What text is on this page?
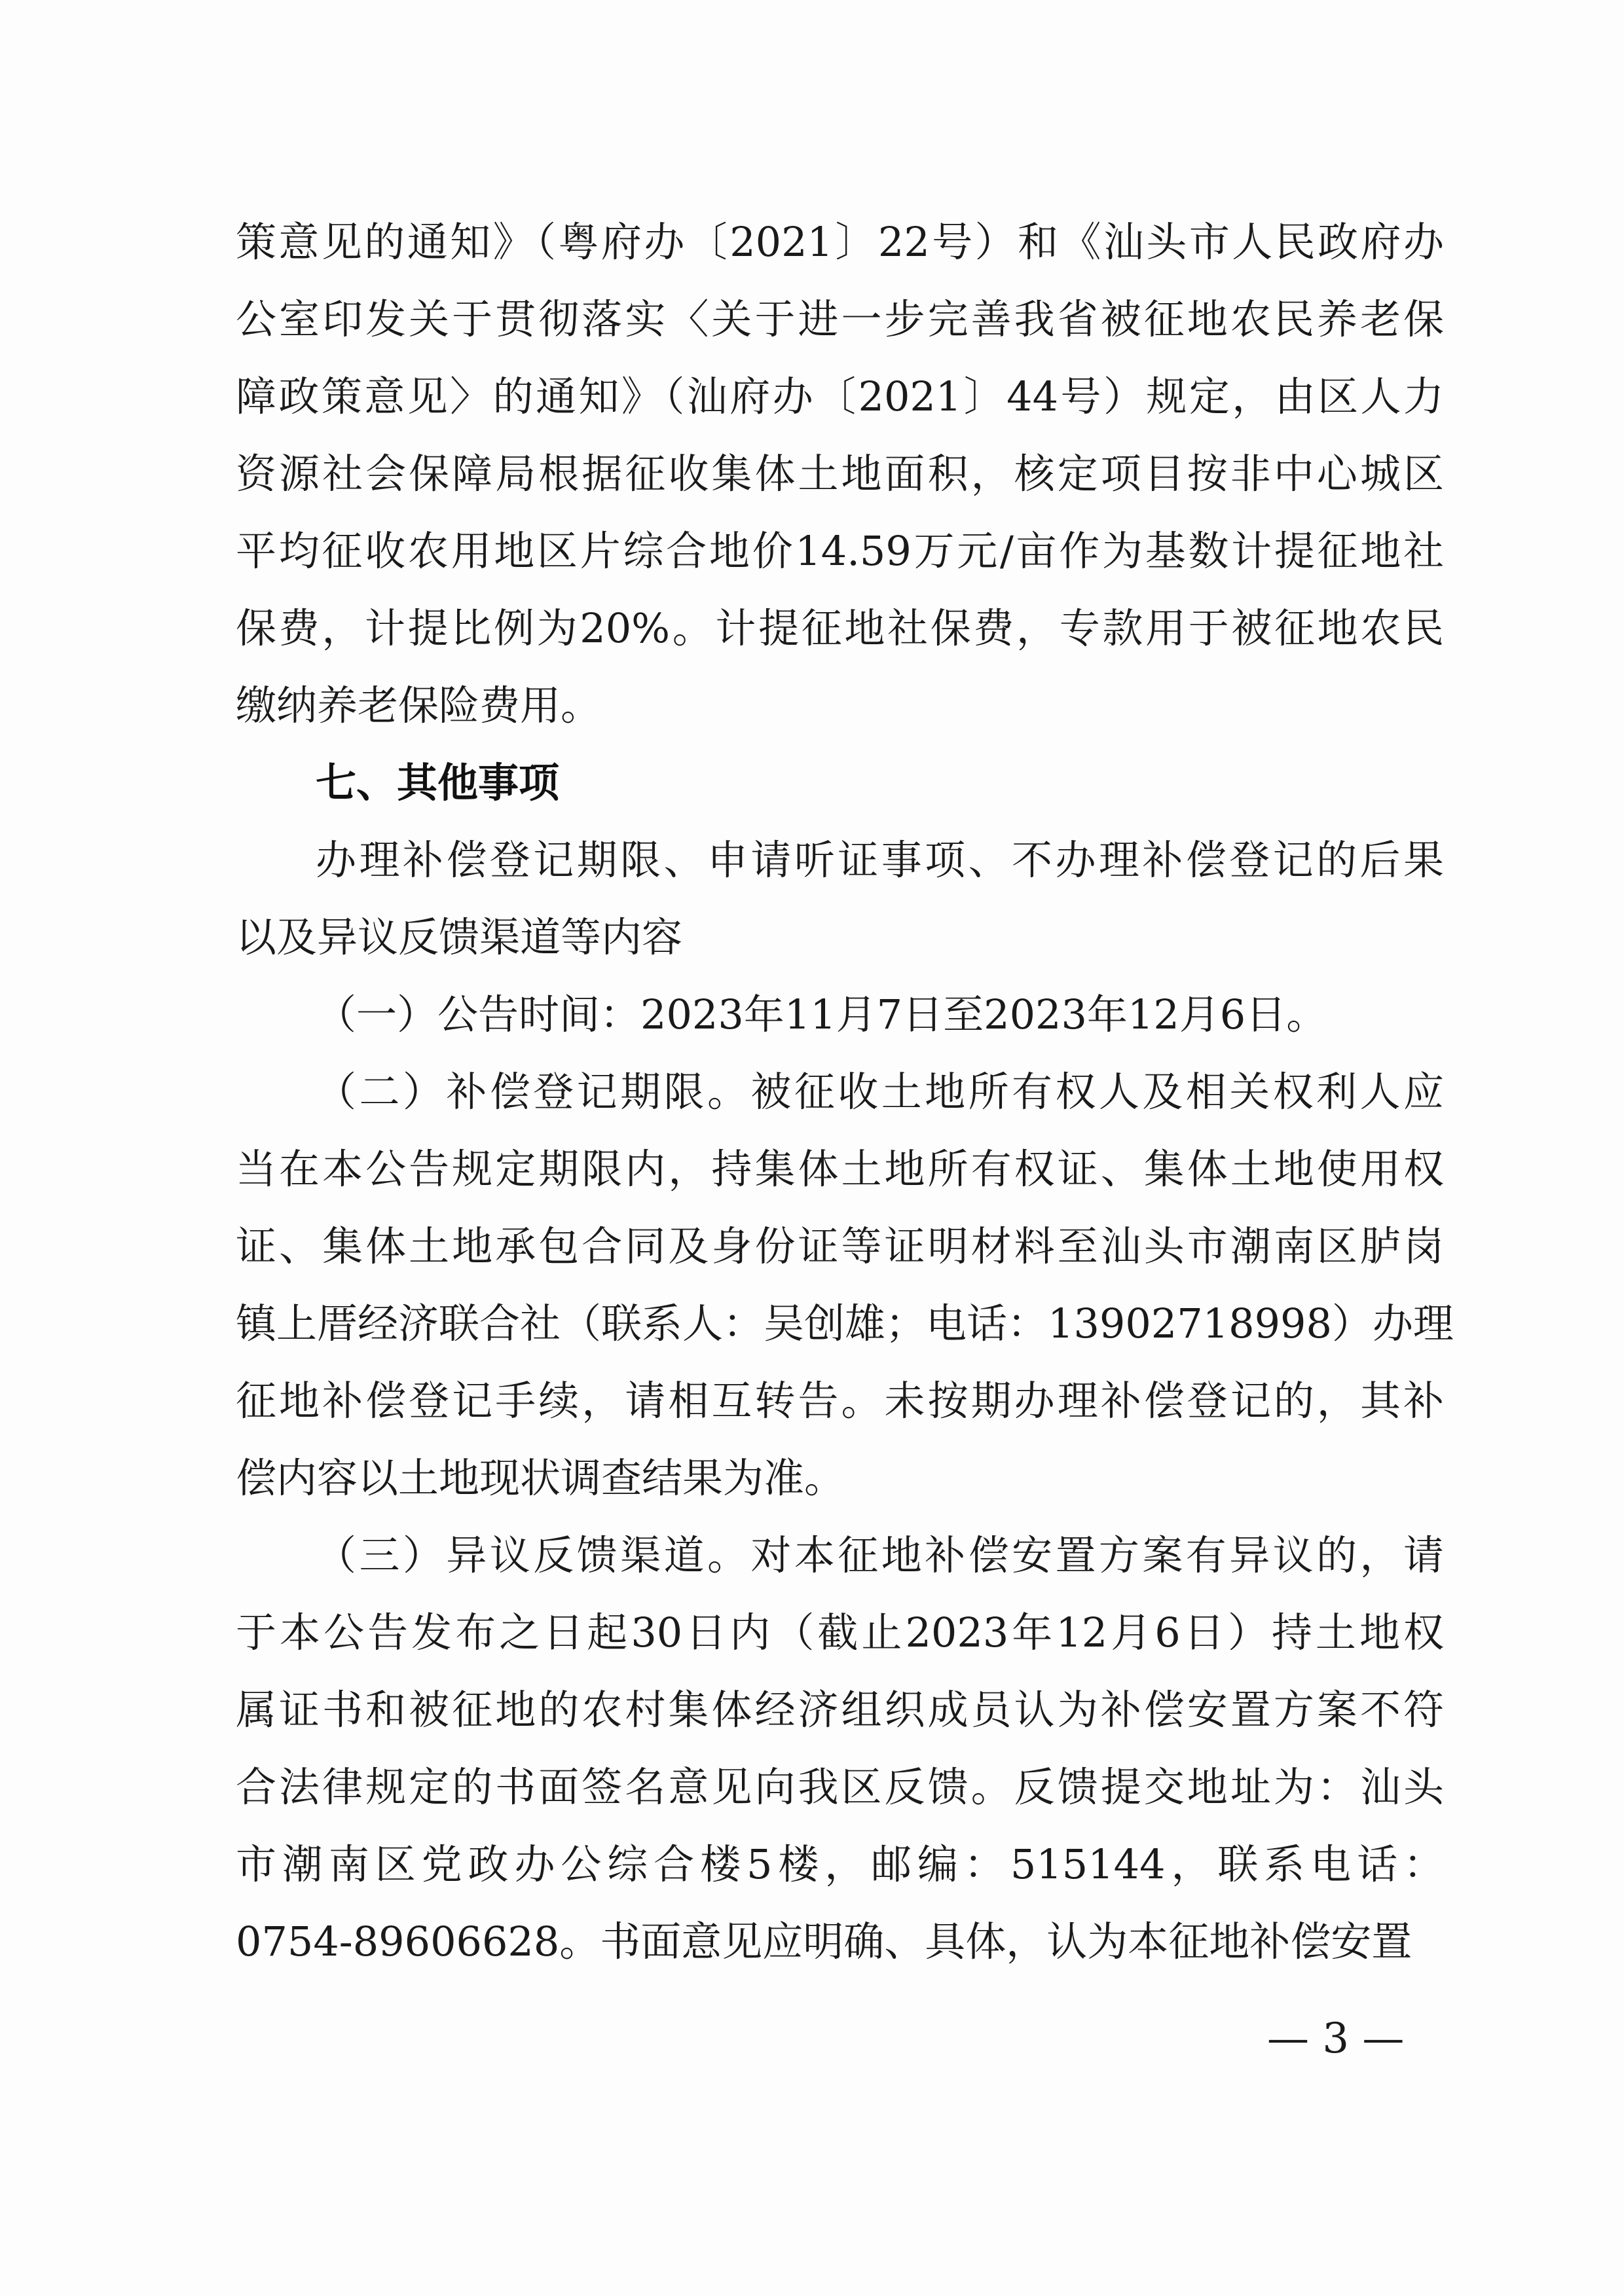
策意见的通知》（粤府办〔2021〕22号）和《汕头市人民政府办
公室印发关于贯彻落实〈关于进一步完善我省被征地农民养老保
障政策意见〉的通知》（汕府办〔2021〕44号）规定，由区人力
资源社会保障局根据征收集体土地面积，核定项目按非中心城区
平均征收农用地区片综合地价14.59万元/亩作为基数计提征地社
保费，计提比例为20%。计提征地社保费，专款用于被征地农民
缴纳养老保险费用。
七、其他事项
办理补偿登记期限、申请听证事项、不办理补偿登记的后果
以及异议反馈渠道等内容
（一）公告时间：2023年11月7日至2023年12月6日。
（二）补偿登记期限。被征收土地所有权人及相关权利人应
当在本公告规定期限内，持集体土地所有权证、集体土地使用权
证、集体土地承包合同及身份证等证明材料至汕头市潮南区胪岗
镇上厝经济联合社（联系人：吴创雄；电话：13902718998）办理
征地补偿登记手续，请相互转告。未按期办理补偿登记的，其补
偿内容以土地现状调查结果为准。
（三）异议反馈渠道。对本征地补偿安置方案有异议的，请
于本公告发布之日起30日内（截止2023年12月6日）持土地权
属证书和被征地的农村集体经济组织成员认为补偿安置方案不符
合法律规定的书面签名意见向我区反馈。反馈提交地址为：汕头
市潮南区党政办公综合楼5楼，邮编：515144，联系电话：
0754-89606628。书面意见应明确、具体，认为本征地补偿安置
— 3 —
